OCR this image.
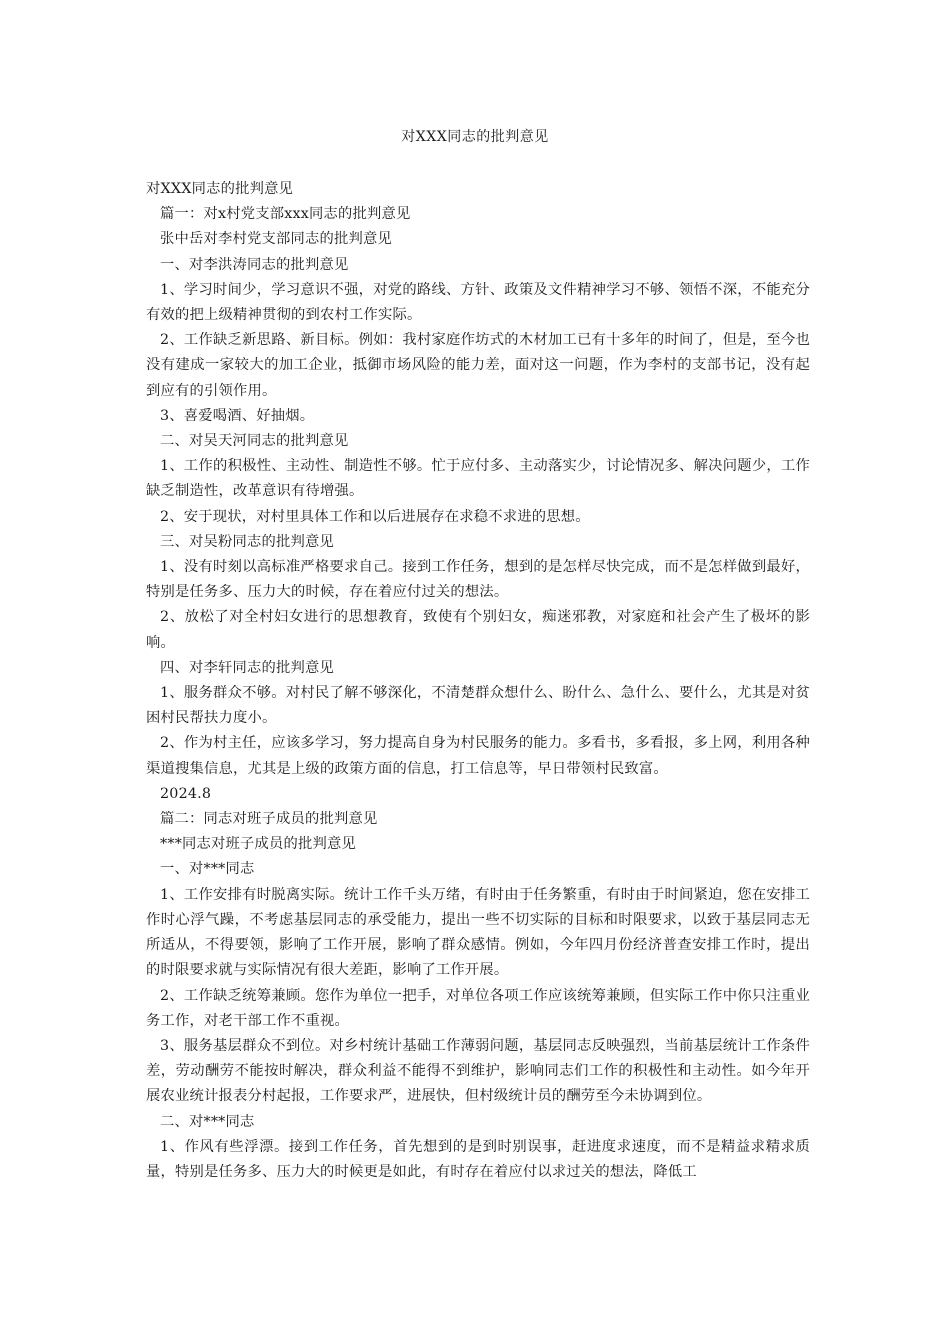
对XXX同志的批判意见

对XXX同志的批判意见

篇一：对x村党支部xxx同志的批判意见

张中岳对李村党支部同志的批判意见

一、对李洪涛同志的批判意见

1、学习时间少，学习意识不强，对党的路线、方针、政策及文件精神学习不够、领悟不深，不能充分有效的把上级精神贯彻的到农村工作实际。

2、工作缺乏新思路、新目标。例如：我村家庭作坊式的木材加工已有十多年的时间了，但是，至今也没有建成一家较大的加工企业，抵御市场风险的能力差，面对这一问题，作为李村的支部书记，没有起到应有的引领作用。

3、喜爱喝酒、好抽烟。

二、对吴天河同志的批判意见

1、工作的积极性、主动性、制造性不够。忙于应付多、主动落实少，讨论情况多、解决问题少，工作缺乏制造性，改革意识有待增强。

2、安于现状，对村里具体工作和以后进展存在求稳不求进的思想。

三、对吴粉同志的批判意见

1、没有时刻以高标准严格要求自己。接到工作任务，想到的是怎样尽快完成，而不是怎样做到最好，特别是任务多、压力大的时候，存在着应付过关的想法。

2、放松了对全村妇女进行的思想教育，致使有个别妇女，痴迷邪教，对家庭和社会产生了极坏的影响。

四、对李轩同志的批判意见

1、服务群众不够。对村民了解不够深化，不清楚群众想什么、盼什么、急什么、要什么，尤其是对贫困村民帮扶力度小。

2、作为村主任，应该多学习，努力提高自身为村民服务的能力。多看书，多看报，多上网，利用各种渠道搜集信息，尤其是上级的政策方面的信息，打工信息等，早日带领村民致富。

2024.8

篇二：同志对班子成员的批判意见

***同志对班子成员的批判意见

一、对***同志

1、工作安排有时脱离实际。统计工作千头万绪，有时由于任务繁重，有时由于时间紧迫，您在安排工作时心浮气躁，不考虑基层同志的承受能力，提出一些不切实际的目标和时限要求，以致于基层同志无所适从，不得要领，影响了工作开展，影响了群众感情。例如，今年四月份经济普查安排工作时，提出的时限要求就与实际情况有很大差距，影响了工作开展。

2、工作缺乏统筹兼顾。您作为单位一把手，对单位各项工作应该统筹兼顾，但实际工作中你只注重业务工作，对老干部工作不重视。

3、服务基层群众不到位。对乡村统计基础工作薄弱问题，基层同志反映强烈，当前基层统计工作条件差，劳动酬劳不能按时解决，群众利益不能得不到维护，影响同志们工作的积极性和主动性。如今年开展农业统计报表分村起报，工作要求严，进展快，但村级统计员的酬劳至今未协调到位。

二、对***同志

1、作风有些浮漂。接到工作任务，首先想到的是到时别误事，赶进度求速度，而不是精益求精求质量，特别是任务多、压力大的时候更是如此，有时存在着应付以求过关的想法，降低工
